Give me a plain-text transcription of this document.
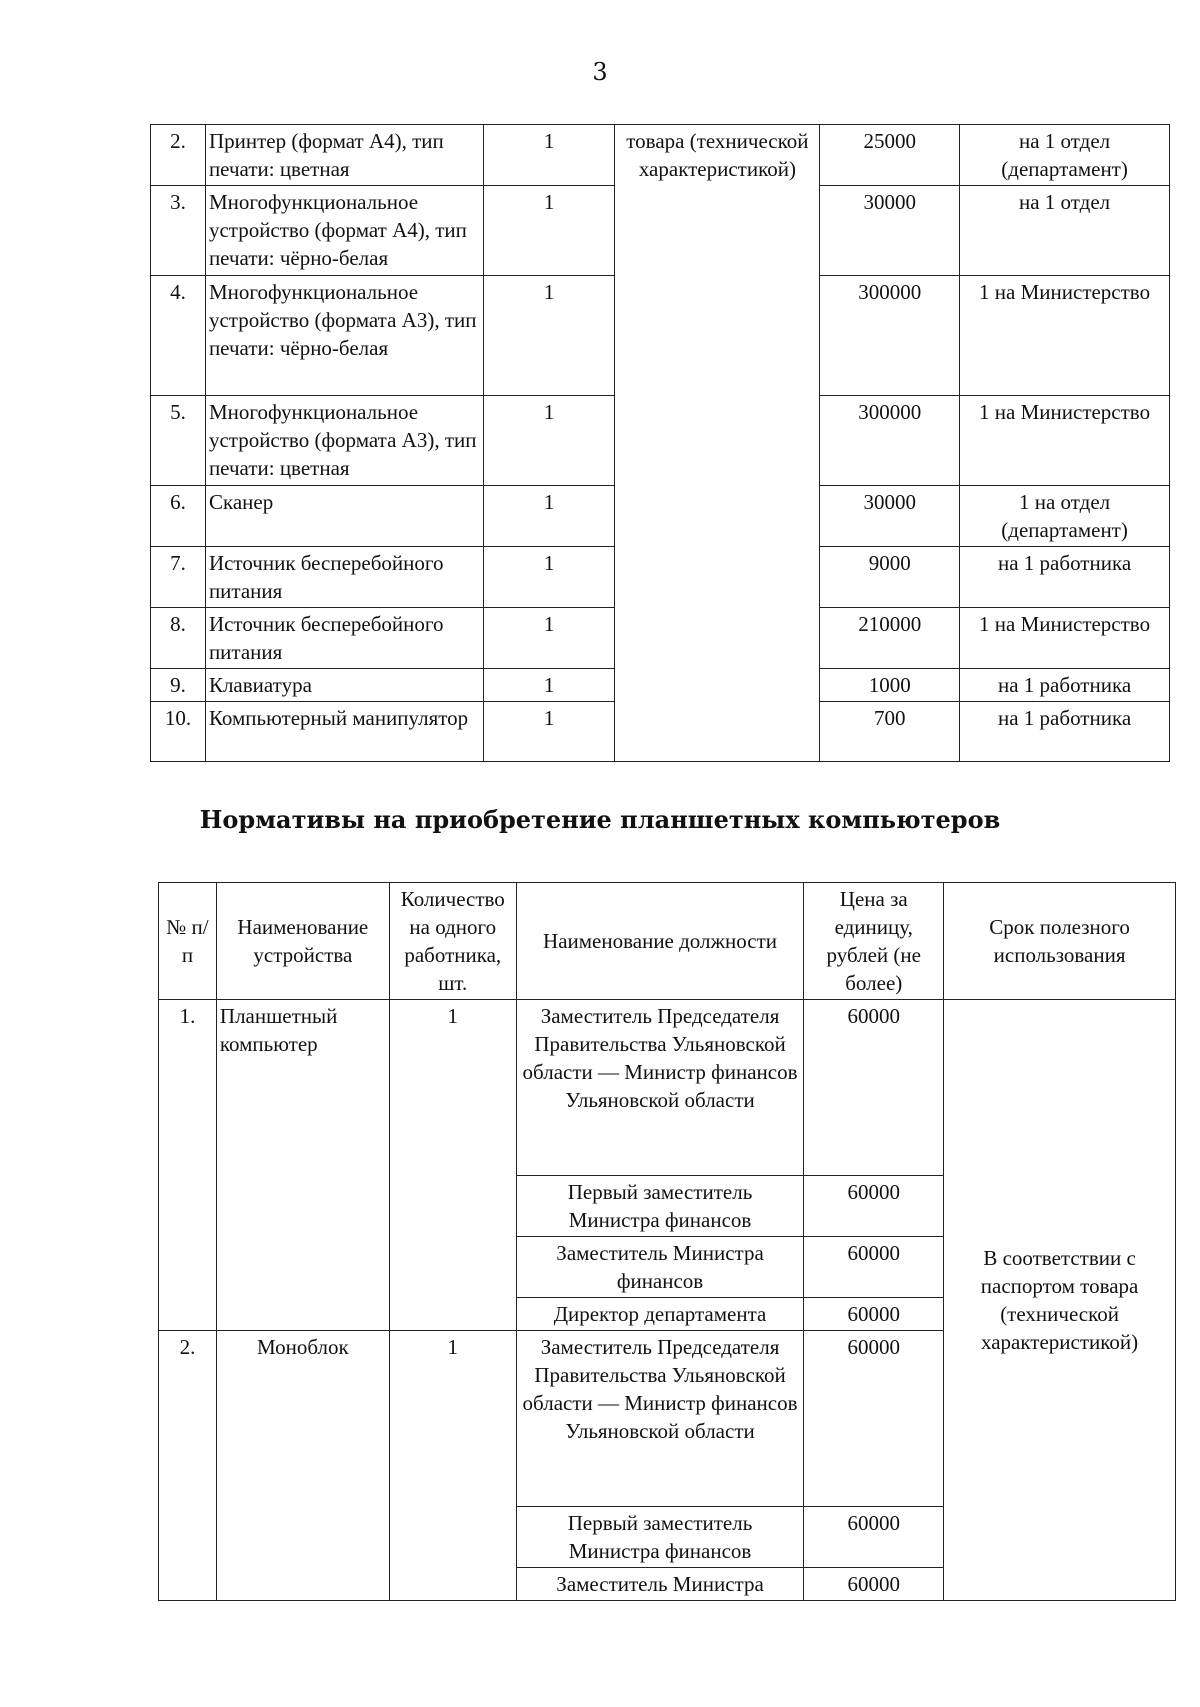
3
2.	Принтер (формат А4), тип печати: цветная	1	товара (технической характеристикой)	25000	на 1 отдел (департамент)
3.	Многофункциональное устройство (формат А4), тип печати: чёрно-белая	1		30000	на 1 отдел
4.	Многофункциональное устройство (формата А3), тип печати: чёрно-белая	1		300000	1 на Министерство
5.	Многофункциональное устройство (формата А3), тип печати: цветная	1		300000	1 на Министерство
6.	Сканер	1		30000	1 на отдел (департамент)
7.	Источник бесперебойного питания	1		9000	на 1 работника
8.	Источник бесперебойного питания	1		210000	1 на Министерство
9.	Клавиатура	1		1000	на 1 работника
10.	Компьютерный манипулятор	1		700	на 1 работника
Нормативы на приобретение планшетных компьютеров
№ п/п	Наименование устройства	Количество на одного работника, шт.	Наименование должности	Цена за единицу, рублей (не более)	Срок полезного использования
1.	Планшетный компьютер	1	Заместитель Председателя Правительства Ульяновской области — Министр финансов Ульяновской области	60000	В соответствии с паспортом товара (технической характеристикой)
			Первый заместитель Министра финансов	60000	
			Заместитель Министра финансов	60000	
			Директор департамента	60000	
2.	Моноблок	1	Заместитель Председателя Правительства Ульяновской области — Министр финансов Ульяновской области	60000	
			Первый заместитель Министра финансов	60000	
			Заместитель Министра	60000	
